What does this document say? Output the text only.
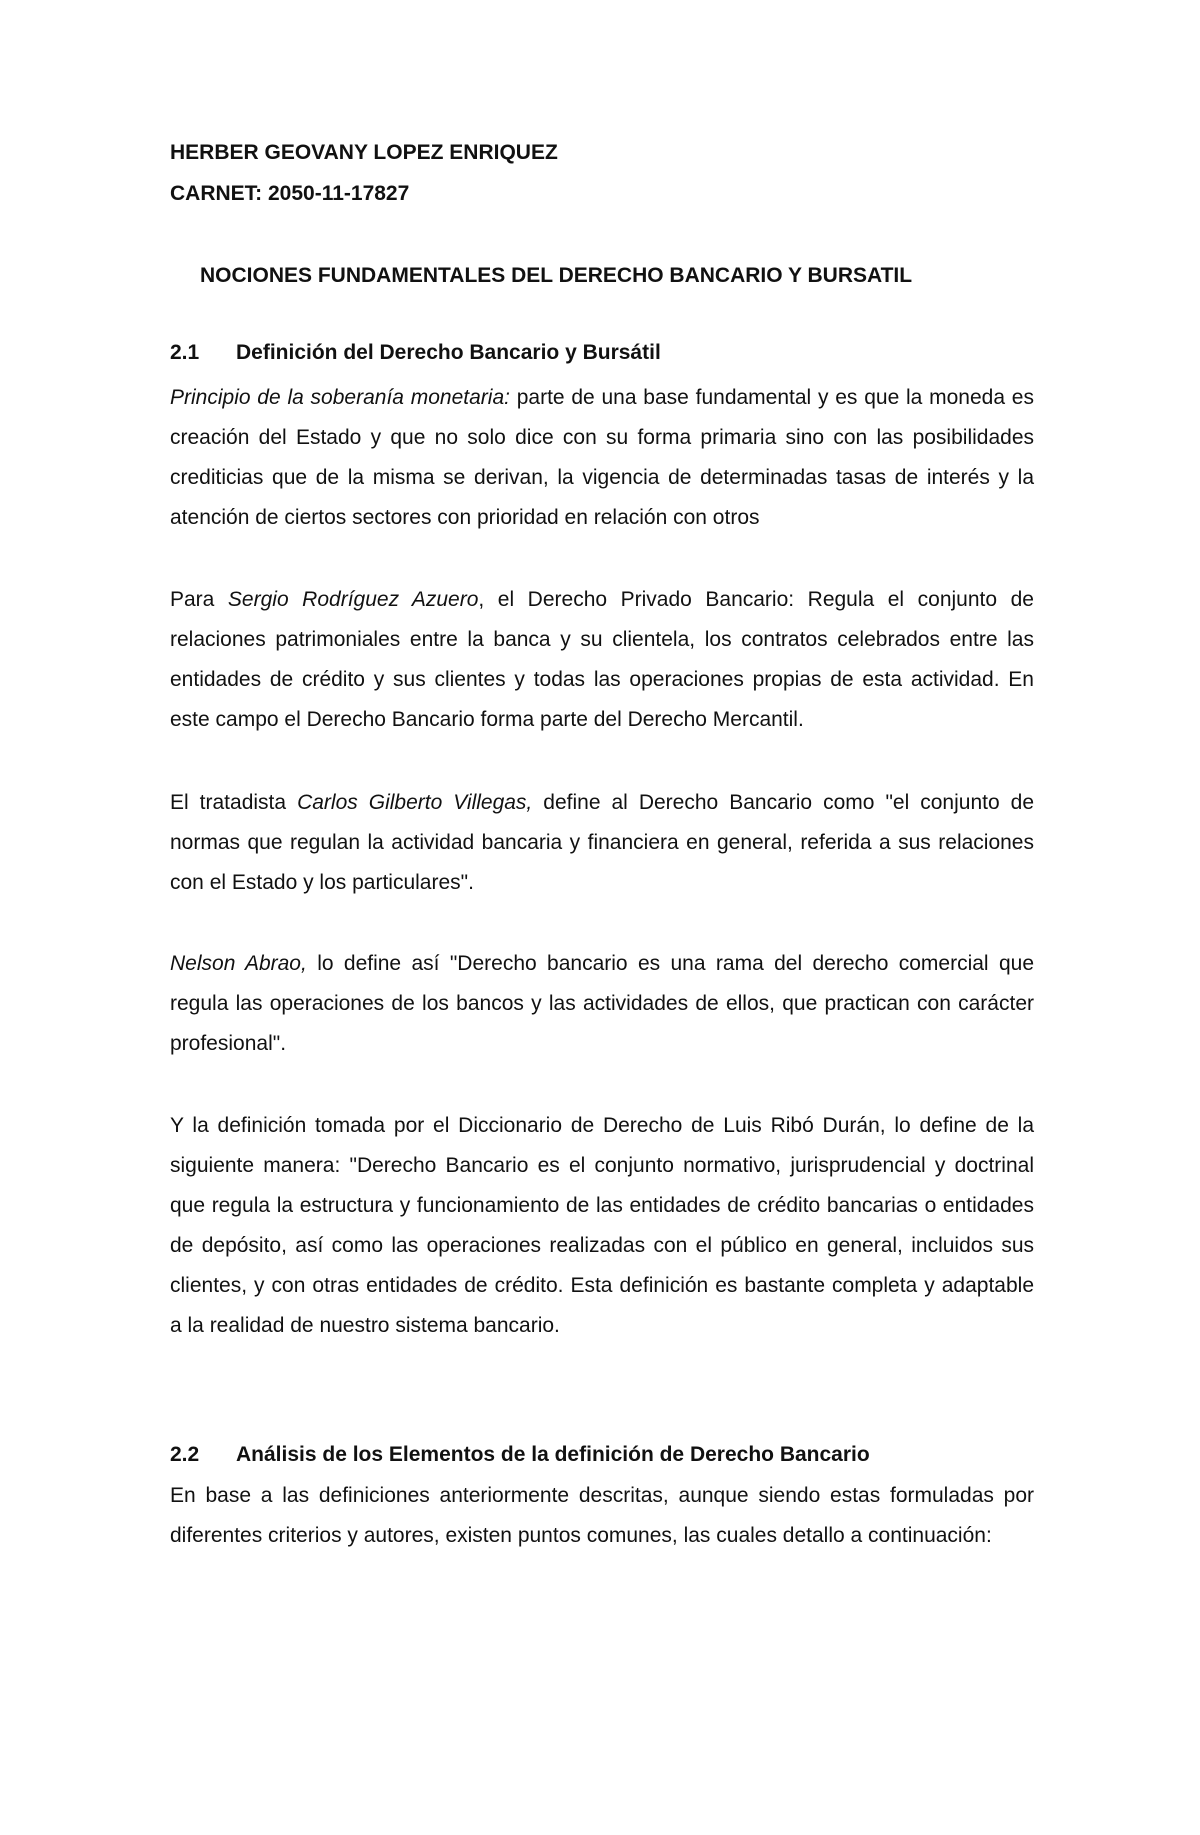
HERBER GEOVANY LOPEZ ENRIQUEZ
CARNET: 2050-11-17827
NOCIONES FUNDAMENTALES DEL DERECHO BANCARIO Y BURSATIL
2.1 Definición del Derecho Bancario y Bursátil

Principio de la soberanía monetaria: parte de una base fundamental y es que la moneda es creación del Estado y que no solo dice con su forma primaria sino con las posibilidades crediticias que de la misma se derivan, la vigencia de determinadas tasas de interés y la atención de ciertos sectores con prioridad en relación con otros

Para Sergio Rodríguez Azuero, el Derecho Privado Bancario: Regula el conjunto de relaciones patrimoniales entre la banca y su clientela, los contratos celebrados entre las entidades de crédito y sus clientes y todas las operaciones propias de esta actividad. En este campo el Derecho Bancario forma parte del Derecho Mercantil.

El tratadista Carlos Gilberto Villegas, define al Derecho Bancario como "el conjunto de normas que regulan la actividad bancaria y financiera en general, referida a sus relaciones con el Estado y los particulares".

Nelson Abrao, lo define así "Derecho bancario es una rama del derecho comercial que regula las operaciones de los bancos y las actividades de ellos, que practican con carácter profesional".

Y la definición tomada por el Diccionario de Derecho de Luis Ribó Durán, lo define de la siguiente manera: "Derecho Bancario es el conjunto normativo, jurisprudencial y doctrinal que regula la estructura y funcionamiento de las entidades de crédito bancarias o entidades de depósito, así como las operaciones realizadas con el público en general, incluidos sus clientes, y con otras entidades de crédito. Esta definición es bastante completa y adaptable a la realidad de nuestro sistema bancario.

2.2 Análisis de los Elementos de la definición de Derecho Bancario

En base a las definiciones anteriormente descritas, aunque siendo estas formuladas por diferentes criterios y autores, existen puntos comunes, las cuales detallo a continuación:
